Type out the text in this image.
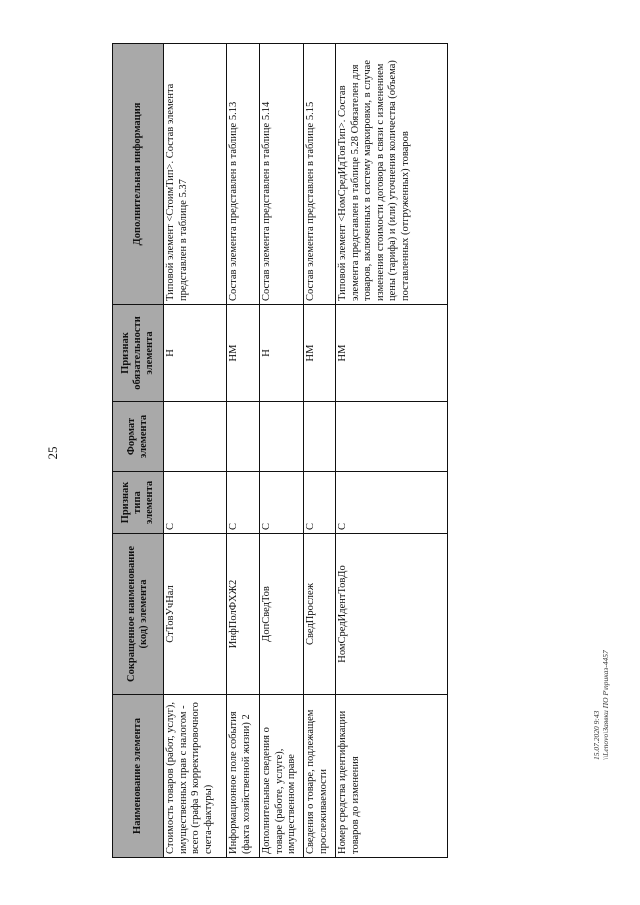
25
Наименование элемента	Сокращенное наименование (код) элемента	Признак типа элемента	Формат элемента	Признак обязательности элемента	Дополнительная информация
Стоимость товаров (работ, услуг), имущественных прав с налогом - всего (графа 9 корректировочного счета-фактуры)	СтТовУчНал	С		Н	Типовой элемент <СтоимТип>. Состав элемента представлен в таблице 5.37
Информационное поле события (факта хозяйственной жизни) 2	ИнфПолФХЖ2	С		НМ	Состав элемента представлен в таблице 5.13
Дополнительные сведения о товаре (работе, услуге), имущественном праве	ДопСведТов	С		Н	Состав элемента представлен в таблице 5.14
Сведения о товаре, подлежащем прослеживаемости	СведПрослеж	С		НМ	Состав элемента представлен в таблице 5.15
Номер средства идентификации товаров до изменения	НомСредИдентТовДо	С		НМ	Типовой элемент <НомСредИдТовТип>. Состав элемента представлен в таблице 5.28 Обязателен для товаров, включенных в систему маркировки, в случае изменения стоимости договора в связи с изменением цены (тарифа) и (или) уточнения количества (объема) поставленных (отгруженных) товаров
15.07.2020 9:43 \\Lenovo\Заявки ПО Р\приказ-4457
